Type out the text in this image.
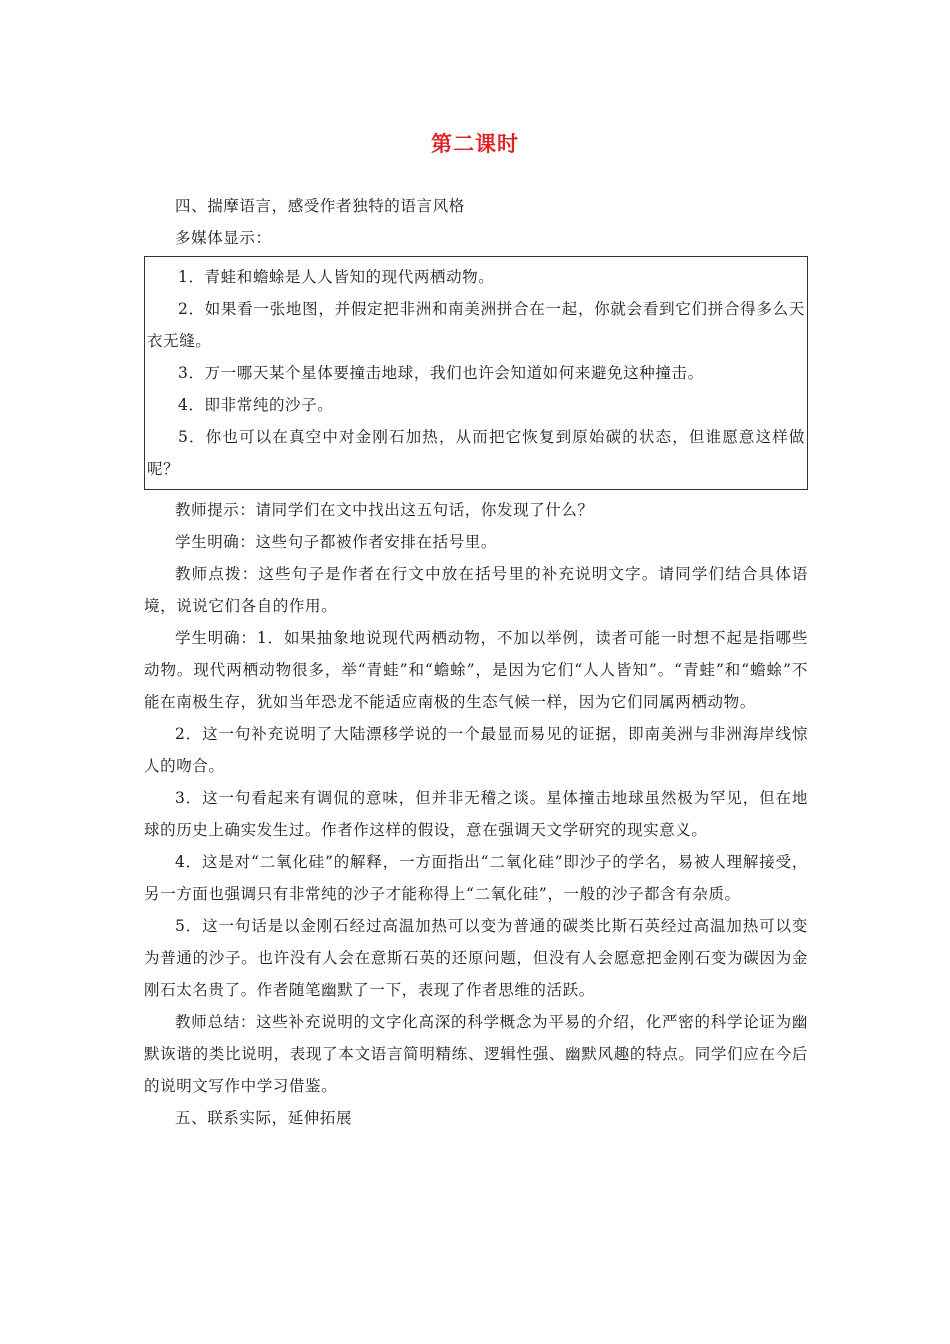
第二课时

四、揣摩语言，感受作者独特的语言风格

多媒体显示：

1．青蛙和蟾蜍是人人皆知的现代两栖动物。

2．如果看一张地图，并假定把非洲和南美洲拼合在一起，你就会看到它们拼合得多么天衣无缝。

3．万一哪天某个星体要撞击地球，我们也许会知道如何来避免这种撞击。

4．即非常纯的沙子。

5．你也可以在真空中对金刚石加热，从而把它恢复到原始碳的状态，但谁愿意这样做呢？

教师提示：请同学们在文中找出这五句话，你发现了什么？

学生明确：这些句子都被作者安排在括号里。

教师点拨：这些句子是作者在行文中放在括号里的补充说明文字。请同学们结合具体语境，说说它们各自的作用。

学生明确：1．如果抽象地说现代两栖动物，不加以举例，读者可能一时想不起是指哪些动物。现代两栖动物很多，举“青蛙”和“蟾蜍”，是因为它们“人人皆知”。“青蛙”和“蟾蜍”不能在南极生存，犹如当年恐龙不能适应南极的生态气候一样，因为它们同属两栖动物。

2．这一句补充说明了大陆漂移学说的一个最显而易见的证据，即南美洲与非洲海岸线惊人的吻合。

3．这一句看起来有调侃的意味，但并非无稽之谈。星体撞击地球虽然极为罕见，但在地球的历史上确实发生过。作者作这样的假设，意在强调天文学研究的现实意义。

4．这是对“二氧化硅”的解释，一方面指出“二氧化硅”即沙子的学名，易被人理解接受，另一方面也强调只有非常纯的沙子才能称得上“二氧化硅”，一般的沙子都含有杂质。

5．这一句话是以金刚石经过高温加热可以变为普通的碳类比斯石英经过高温加热可以变为普通的沙子。也许没有人会在意斯石英的还原问题，但没有人会愿意把金刚石变为碳因为金刚石太名贵了。作者随笔幽默了一下，表现了作者思维的活跃。

教师总结：这些补充说明的文字化高深的科学概念为平易的介绍，化严密的科学论证为幽默诙谐的类比说明，表现了本文语言简明精练、逻辑性强、幽默风趣的特点。同学们应在今后的说明文写作中学习借鉴。

五、联系实际，延伸拓展
